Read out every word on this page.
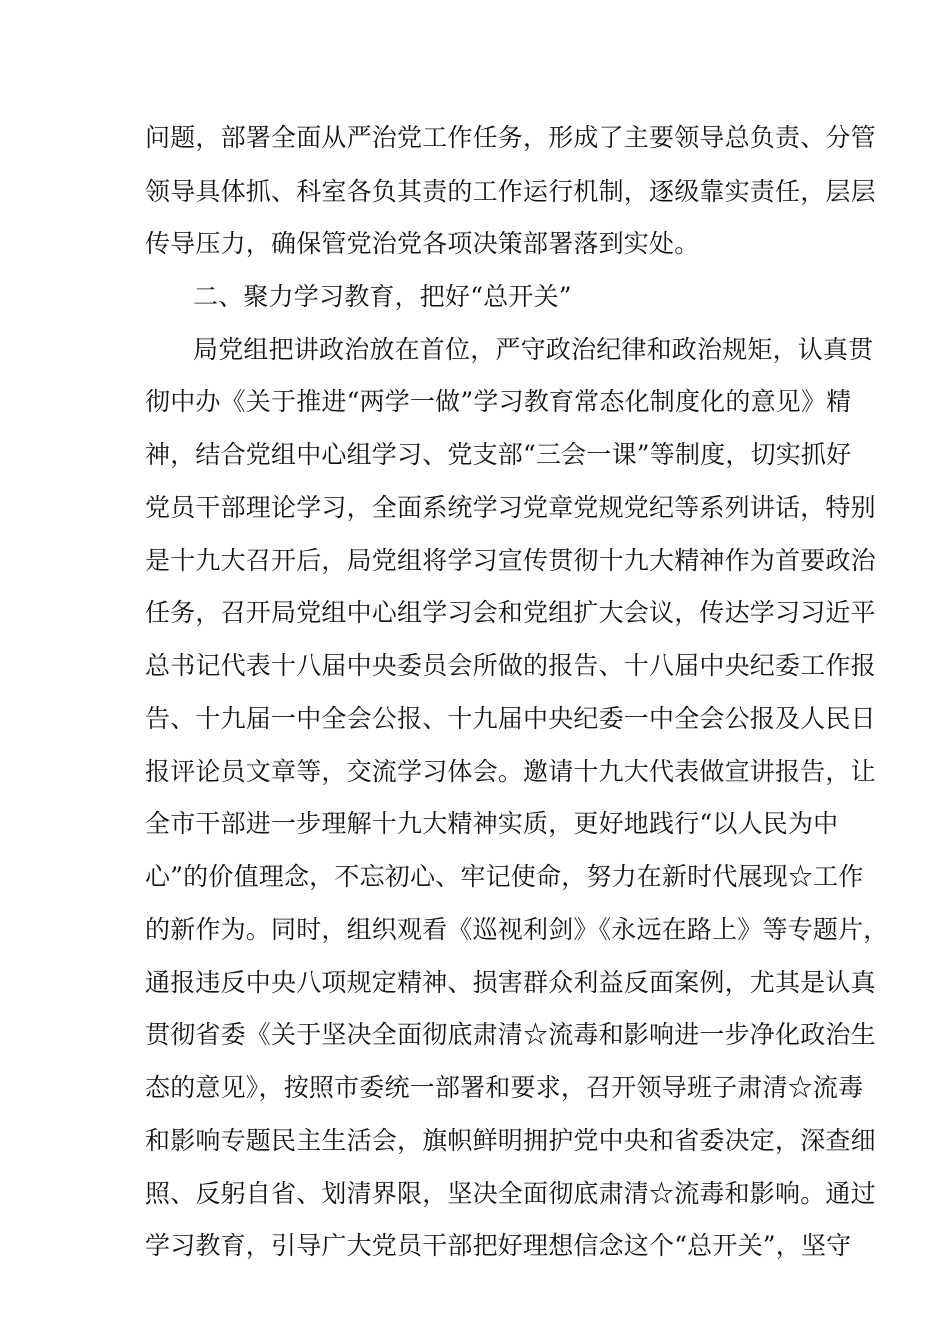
问题，部署全面从严治党工作任务，形成了主要领导总负责、分管
领导具体抓、科室各负其责的工作运行机制，逐级靠实责任，层层
传导压力，确保管党治党各项决策部署落到实处。
二、聚力学习教育，把好“总开关”
局党组把讲政治放在首位，严守政治纪律和政治规矩，认真贯
彻中办《关于推进“两学一做”学习教育常态化制度化的意见》精
神，结合党组中心组学习、党支部“三会一课”等制度，切实抓好
党员干部理论学习，全面系统学习党章党规党纪等系列讲话，特别
是十九大召开后，局党组将学习宣传贯彻十九大精神作为首要政治
任务，召开局党组中心组学习会和党组扩大会议，传达学习习近平
总书记代表十八届中央委员会所做的报告、十八届中央纪委工作报
告、十九届一中全会公报、十九届中央纪委一中全会公报及人民日
报评论员文章等，交流学习体会。邀请十九大代表做宣讲报告，让
全市干部进一步理解十九大精神实质，更好地践行“以人民为中
心”的价值理念，不忘初心、牢记使命，努力在新时代展现☆工作
的新作为。同时，组织观看《巡视利剑》《永远在路上》等专题片，
通报违反中央八项规定精神、损害群众利益反面案例，尤其是认真
贯彻省委《关于坚决全面彻底肃清☆流毒和影响进一步净化政治生
态的意见》，按照市委统一部署和要求，召开领导班子肃清☆流毒
和影响专题民主生活会，旗帜鲜明拥护党中央和省委决定，深查细
照、反躬自省、划清界限，坚决全面彻底肃清☆流毒和影响。通过
学习教育，引导广大党员干部把好理想信念这个“总开关”，坚守
